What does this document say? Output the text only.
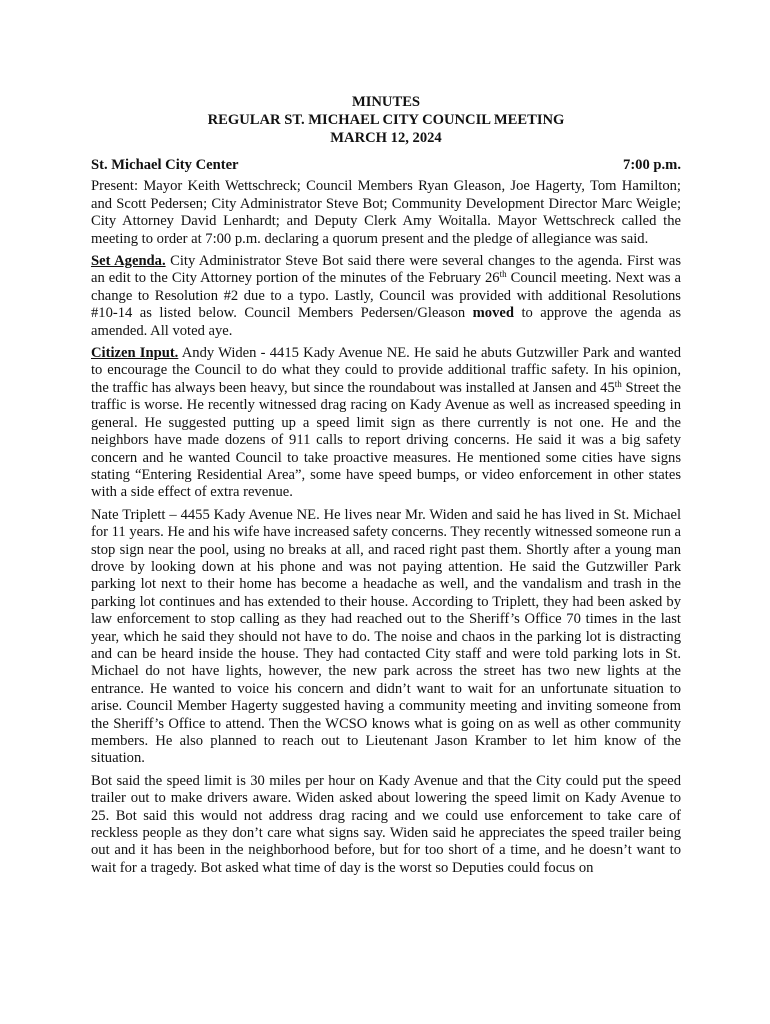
MINUTES
REGULAR ST. MICHAEL CITY COUNCIL MEETING
MARCH 12, 2024
St. Michael City Center	7:00 p.m.

Present: Mayor Keith Wettschreck; Council Members Ryan Gleason, Joe Hagerty, Tom Hamilton; and Scott Pedersen; City Administrator Steve Bot; Community Development Director Marc Weigle; City Attorney David Lenhardt; and Deputy Clerk Amy Woitalla. Mayor Wettschreck called the meeting to order at 7:00 p.m. declaring a quorum present and the pledge of allegiance was said.

Set Agenda. City Administrator Steve Bot said there were several changes to the agenda. First was an edit to the City Attorney portion of the minutes of the February 26th Council meeting. Next was a change to Resolution #2 due to a typo. Lastly, Council was provided with additional Resolutions #10-14 as listed below. Council Members Pedersen/Gleason moved to approve the agenda as amended. All voted aye.

Citizen Input. Andy Widen - 4415 Kady Avenue NE. He said he abuts Gutzwiller Park and wanted to encourage the Council to do what they could to provide additional traffic safety. In his opinion, the traffic has always been heavy, but since the roundabout was installed at Jansen and 45th Street the traffic is worse. He recently witnessed drag racing on Kady Avenue as well as increased speeding in general. He suggested putting up a speed limit sign as there currently is not one. He and the neighbors have made dozens of 911 calls to report driving concerns. He said it was a big safety concern and he wanted Council to take proactive measures. He mentioned some cities have signs stating “Entering Residential Area”, some have speed bumps, or video enforcement in other states with a side effect of extra revenue.

Nate Triplett – 4455 Kady Avenue NE. He lives near Mr. Widen and said he has lived in St. Michael for 11 years. He and his wife have increased safety concerns. They recently witnessed someone run a stop sign near the pool, using no breaks at all, and raced right past them. Shortly after a young man drove by looking down at his phone and was not paying attention. He said the Gutzwiller Park parking lot next to their home has become a headache as well, and the vandalism and trash in the parking lot continues and has extended to their house. According to Triplett, they had been asked by law enforcement to stop calling as they had reached out to the Sheriff’s Office 70 times in the last year, which he said they should not have to do. The noise and chaos in the parking lot is distracting and can be heard inside the house. They had contacted City staff and were told parking lots in St. Michael do not have lights, however, the new park across the street has two new lights at the entrance. He wanted to voice his concern and didn’t want to wait for an unfortunate situation to arise. Council Member Hagerty suggested having a community meeting and inviting someone from the Sheriff’s Office to attend. Then the WCSO knows what is going on as well as other community members. He also planned to reach out to Lieutenant Jason Kramber to let him know of the situation.

Bot said the speed limit is 30 miles per hour on Kady Avenue and that the City could put the speed trailer out to make drivers aware. Widen asked about lowering the speed limit on Kady Avenue to 25. Bot said this would not address drag racing and we could use enforcement to take care of reckless people as they don’t care what signs say. Widen said he appreciates the speed trailer being out and it has been in the neighborhood before, but for too short of a time, and he doesn’t want to wait for a tragedy. Bot asked what time of day is the worst so Deputies could focus on
